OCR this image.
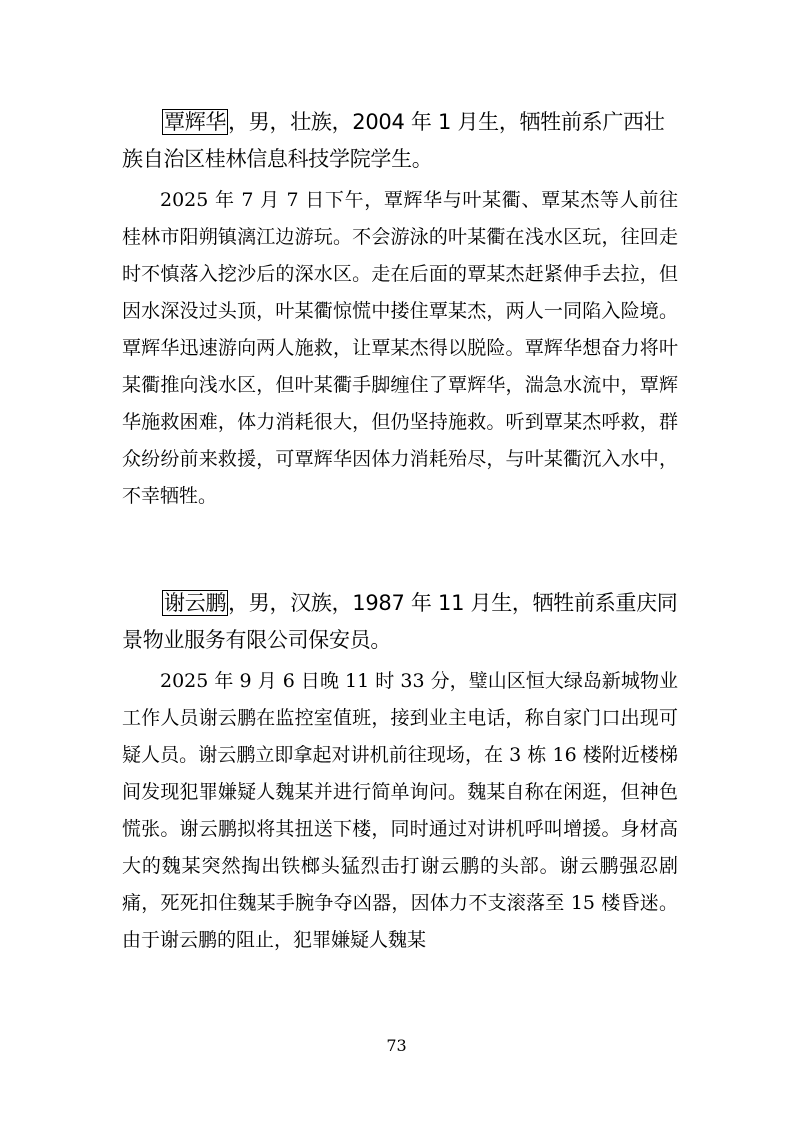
覃辉华，男，壮族，2004 年 1 月生，牺牲前系广西壮族自治区桂林信息科技学院学生。
2025 年 7 月 7 日下午，覃辉华与叶某衢、覃某杰等人前往桂林市阳朔镇漓江边游玩。不会游泳的叶某衢在浅水区玩，往回走时不慎落入挖沙后的深水区。走在后面的覃某杰赶紧伸手去拉，但因水深没过头顶，叶某衢惊慌中搂住覃某杰，两人一同陷入险境。覃辉华迅速游向两人施救，让覃某杰得以脱险。覃辉华想奋力将叶某衢推向浅水区，但叶某衢手脚缠住了覃辉华，湍急水流中，覃辉华施救困难，体力消耗很大，但仍坚持施救。听到覃某杰呼救，群众纷纷前来救援，可覃辉华因体力消耗殆尽，与叶某衢沉入水中，不幸牺牲。
谢云鹏，男，汉族，1987 年 11 月生，牺牲前系重庆同景物业服务有限公司保安员。
2025 年 9 月 6 日晚 11 时 33 分，璧山区恒大绿岛新城物业工作人员谢云鹏在监控室值班，接到业主电话，称自家门口出现可疑人员。谢云鹏立即拿起对讲机前往现场，在 3 栋 16 楼附近楼梯间发现犯罪嫌疑人魏某并进行简单询问。魏某自称在闲逛，但神色慌张。谢云鹏拟将其扭送下楼，同时通过对讲机呼叫增援。身材高大的魏某突然掏出铁榔头猛烈击打谢云鹏的头部。谢云鹏强忍剧痛，死死扣住魏某手腕争夺凶器，因体力不支滚落至 15 楼昏迷。由于谢云鹏的阻止，犯罪嫌疑人魏某
73
